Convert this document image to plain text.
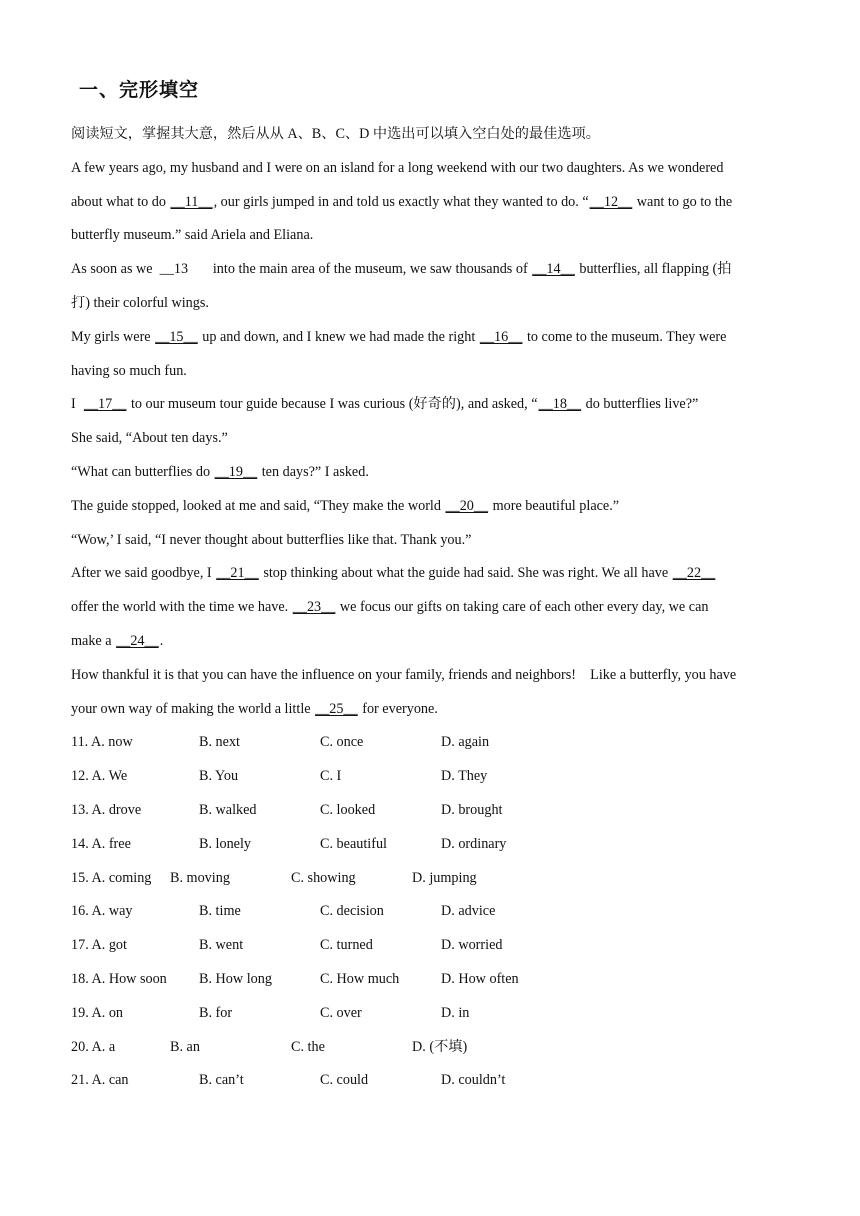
一、完形填空
阅读短文，掌握其大意，然后从从 A、B、C、D 中选出可以填入空白处的最佳选项。
A few years ago, my husband and I were on an island for a long weekend with our two daughters. As we wondered
about what to do __11__, our girls jumped in and told us exactly what they wanted to do. “__12__ want to go to the
butterfly museum.” said Ariela and Eliana.
As soon as we  __13       into the main area of the museum, we saw thousands of __14__ butterflies, all flapping (拍
打) their colorful wings.
My girls were __15__ up and down, and I knew we had made the right __16__ to come to the museum. They were
having so much fun.
I  __17__ to our museum tour guide because I was curious (好奇的), and asked, “__18__ do butterflies live?”
She said, “About ten days.”
“What can butterflies do __19__ ten days?” I asked.
The guide stopped, looked at me and said, “They make the world __20__ more beautiful place.”
“Wow,’ I said, “I never thought about butterflies like that. Thank you.”
After we said goodbye, I __21__ stop thinking about what the guide had said. She was right. We all have __22__
offer the world with the time we have. __23__ we focus our gifts on taking care of each other every day, we can
make a __24__.
How thankful it is that you can have the influence on your family, friends and neighbors!    Like a butterfly, you have
your own way of making the world a little __25__ for everyone.
11. A. now	B. next	C. once	D. again
12. A. We	B. You	C. I	D. They
13. A. drove	B. walked	C. looked	D. brought
14. A. free	B. lonely	C. beautiful	D. ordinary
15. A. coming	B. moving	C. showing	D. jumping
16. A. way	B. time	C. decision	D. advice
17. A. got	B. went	C. turned	D. worried
18. A. How soon	B. How long	C. How much	D. How often
19. A. on	B. for	C. over	D. in
20. A. a	B. an	C. the	D. (不填)
21. A. can	B. can’t	C. could	D. couldn’t
